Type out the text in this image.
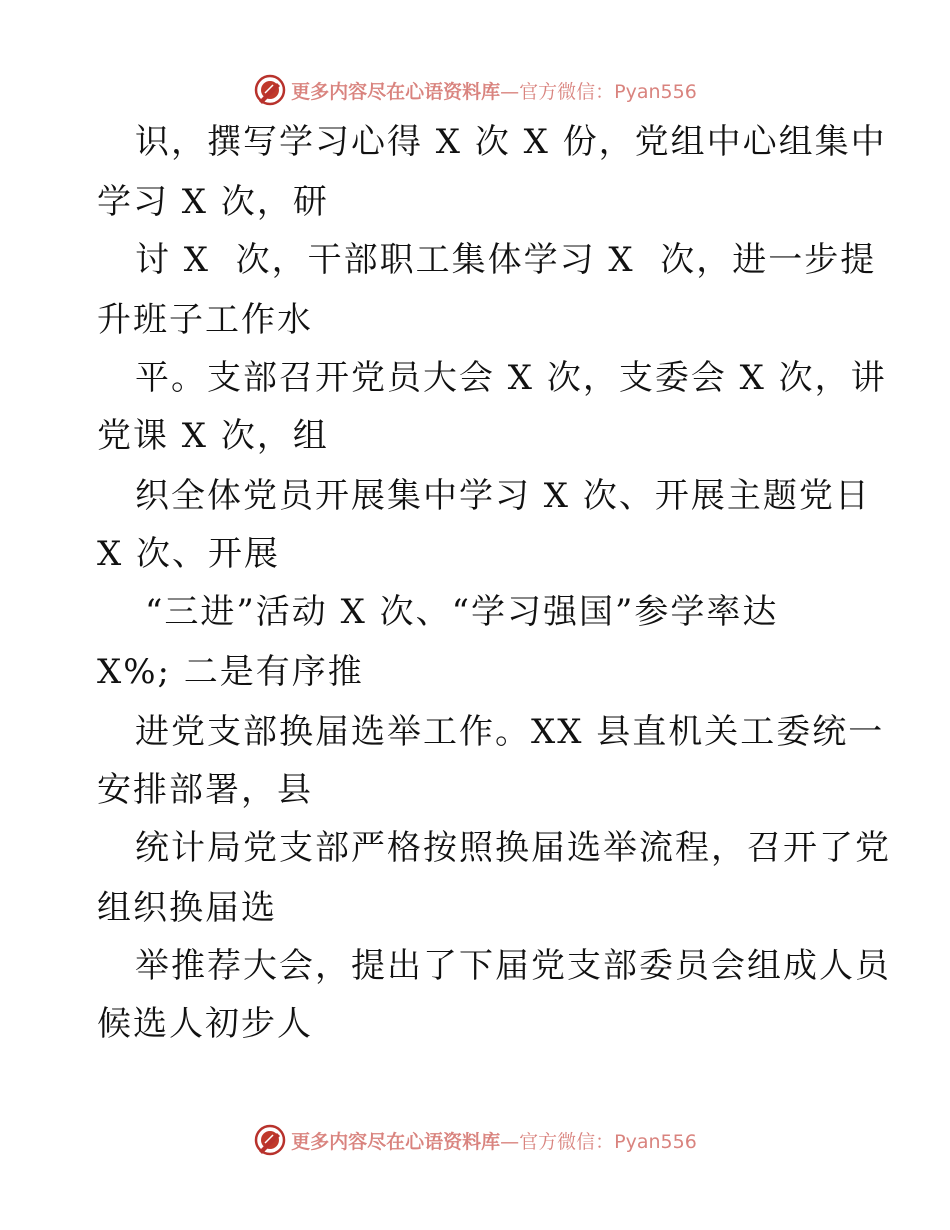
更多内容尽在心语资料库 —官方微信：Pyan556
识，撰写学习心得 X 次 X 份，党组中心组集中
学习 X 次，研
讨 X  次，干部职工集体学习 X  次，进一步提
升班子工作水
平。支部召开党员大会 X 次，支委会 X 次，讲
党课 X 次，组
织全体党员开展集中学习 X 次、开展主题党日
X 次、开展
“三进”活动 X 次、“学习强国”参学率达
X%; 二是有序推
进党支部换届选举工作。XX 县直机关工委统一
安排部署，县
统计局党支部严格按照换届选举流程，召开了党
组织换届选
举推荐大会，提出了下届党支部委员会组成人员
候选人初步人
更多内容尽在心语资料库 —官方微信：Pyan556
